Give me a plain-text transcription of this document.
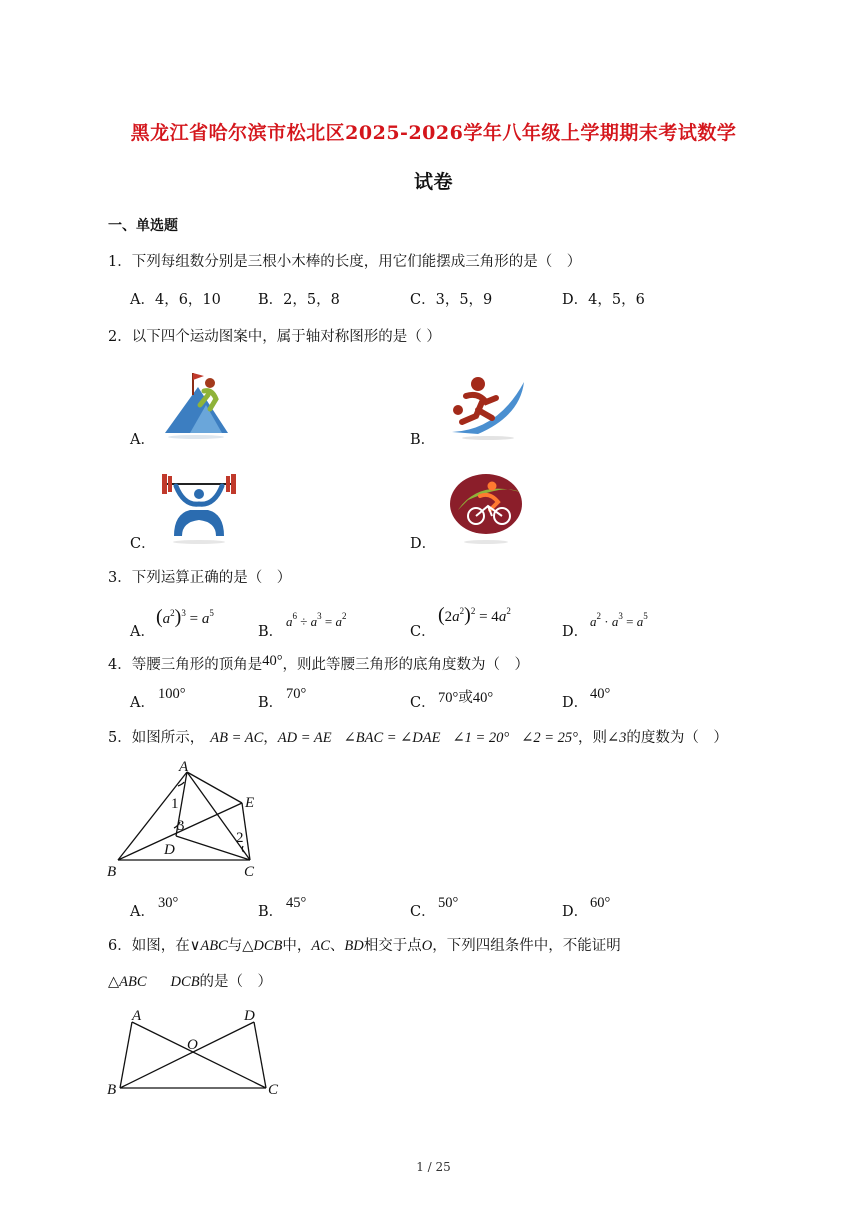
黑龙江省哈尔滨市松北区2025-2026学年八年级上学期期末考试数学
试卷
一、单选题
1．下列每组数分别是三根小木棒的长度，用它们能摆成三角形的是（　）
A．4，6，10	B．2，5，8	C．3，5，9	D．4，5，6
2．以下四个运动图案中，属于轴对称图形的是（ ）
A．	B．
C．	D．
3．下列运算正确的是（　）
A．
$(a^2)^3 = a^5$
B．
$a^6 \div a^3 = a^2$
C．
$(2a^2)^2 = 4a^2$
D．
$a^2 \cdot a^3 = a^5$
4．等腰三角形的顶角是40°，则此等腰三角形的底角度数为（　）
A．
100°
B．
70°
C． 70°或40°	D．
40°
5．如图所示， AB = AC，AD = AE ∠BAC = ∠DAE ∠1 = 20° ∠2 = 25°，则∠3的度数为（　）
A
E
1
3
2
D
B	C
A．
30°
B．
45°
C．
50°
D．
60°
6．如图，在∨ABC与△DCB中，AC、BD相交于点O，下列四组条件中，不能证明
△ABC DCB的是（　）
A	D
O
B	C
1 / 25
